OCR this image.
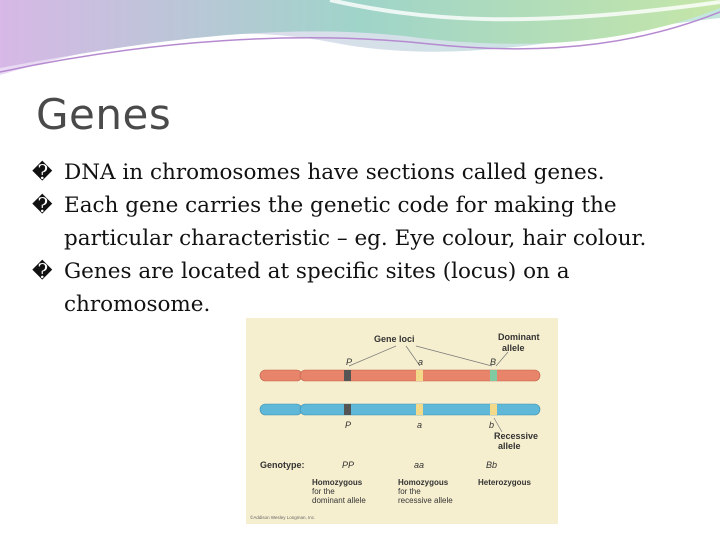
Genes
� DNA in chromosomes have sections called genes.
� Each gene carries the genetic code for making the
particular characteristic – eg. Eye colour, hair colour.
� Genes are located at specific sites (locus) on a
chromosome.
Gene loci	Dominant
allele
P	a	B
P	a	b
Recessive
allele
Genotype:	PP	aa	Bb
Homozygous
for the
dominant allele
Homozygous
for the
recessive allele
Heterozygous
©Addison Wesley Longman, Inc.
